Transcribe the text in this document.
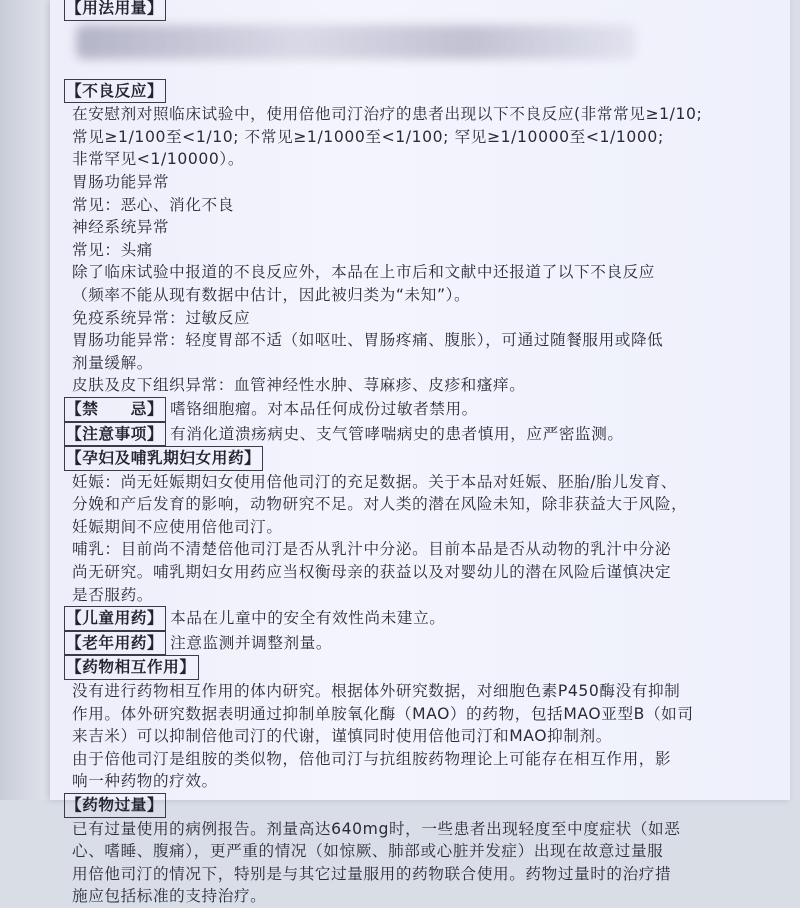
【用法用量】
【不良反应】
在安慰剂对照临床试验中，使用倍他司汀治疗的患者出现以下不良反应(非常常见≥1/10;
常见≥1/100至<1/10; 不常见≥1/1000至<1/100; 罕见≥1/10000至<1/1000;
非常罕见<1/10000）。
胃肠功能异常
常见：恶心、消化不良
神经系统异常
常见：头痛
除了临床试验中报道的不良反应外，本品在上市后和文献中还报道了以下不良反应
（频率不能从现有数据中估计，因此被归类为“未知”）。
免疫系统异常：过敏反应
胃肠功能异常：轻度胃部不适（如呕吐、胃肠疼痛、腹胀），可通过随餐服用或降低
剂量缓解。
皮肤及皮下组织异常：血管神经性水肿、荨麻疹、皮疹和瘙痒。
【禁　　忌】 嗜铬细胞瘤。对本品任何成份过敏者禁用。
【注意事项】 有消化道溃疡病史、支气管哮喘病史的患者慎用，应严密监测。
【孕妇及哺乳期妇女用药】
妊娠：尚无妊娠期妇女使用倍他司汀的充足数据。关于本品对妊娠、胚胎/胎儿发育、
分娩和产后发育的影响，动物研究不足。对人类的潜在风险未知，除非获益大于风险，
妊娠期间不应使用倍他司汀。
哺乳：目前尚不清楚倍他司汀是否从乳汁中分泌。目前本品是否从动物的乳汁中分泌
尚无研究。哺乳期妇女用药应当权衡母亲的获益以及对婴幼儿的潜在风险后谨慎决定
是否服药。
【儿童用药】 本品在儿童中的安全有效性尚未建立。
【老年用药】 注意监测并调整剂量。
【药物相互作用】
没有进行药物相互作用的体内研究。根据体外研究数据，对细胞色素P450酶没有抑制
作用。体外研究数据表明通过抑制单胺氧化酶（MAO）的药物，包括MAO亚型B（如司
来吉米）可以抑制倍他司汀的代谢，谨慎同时使用倍他司汀和MAO抑制剂。
由于倍他司汀是组胺的类似物，倍他司汀与抗组胺药物理论上可能存在相互作用，影
响一种药物的疗效。
【药物过量】
已有过量使用的病例报告。剂量高达640mg时，一些患者出现轻度至中度症状（如恶
心、嗜睡、腹痛），更严重的情况（如惊厥、肺部或心脏并发症）出现在故意过量服
用倍他司汀的情况下，特别是与其它过量服用的药物联合使用。药物过量时的治疗措
施应包括标准的支持治疗。
